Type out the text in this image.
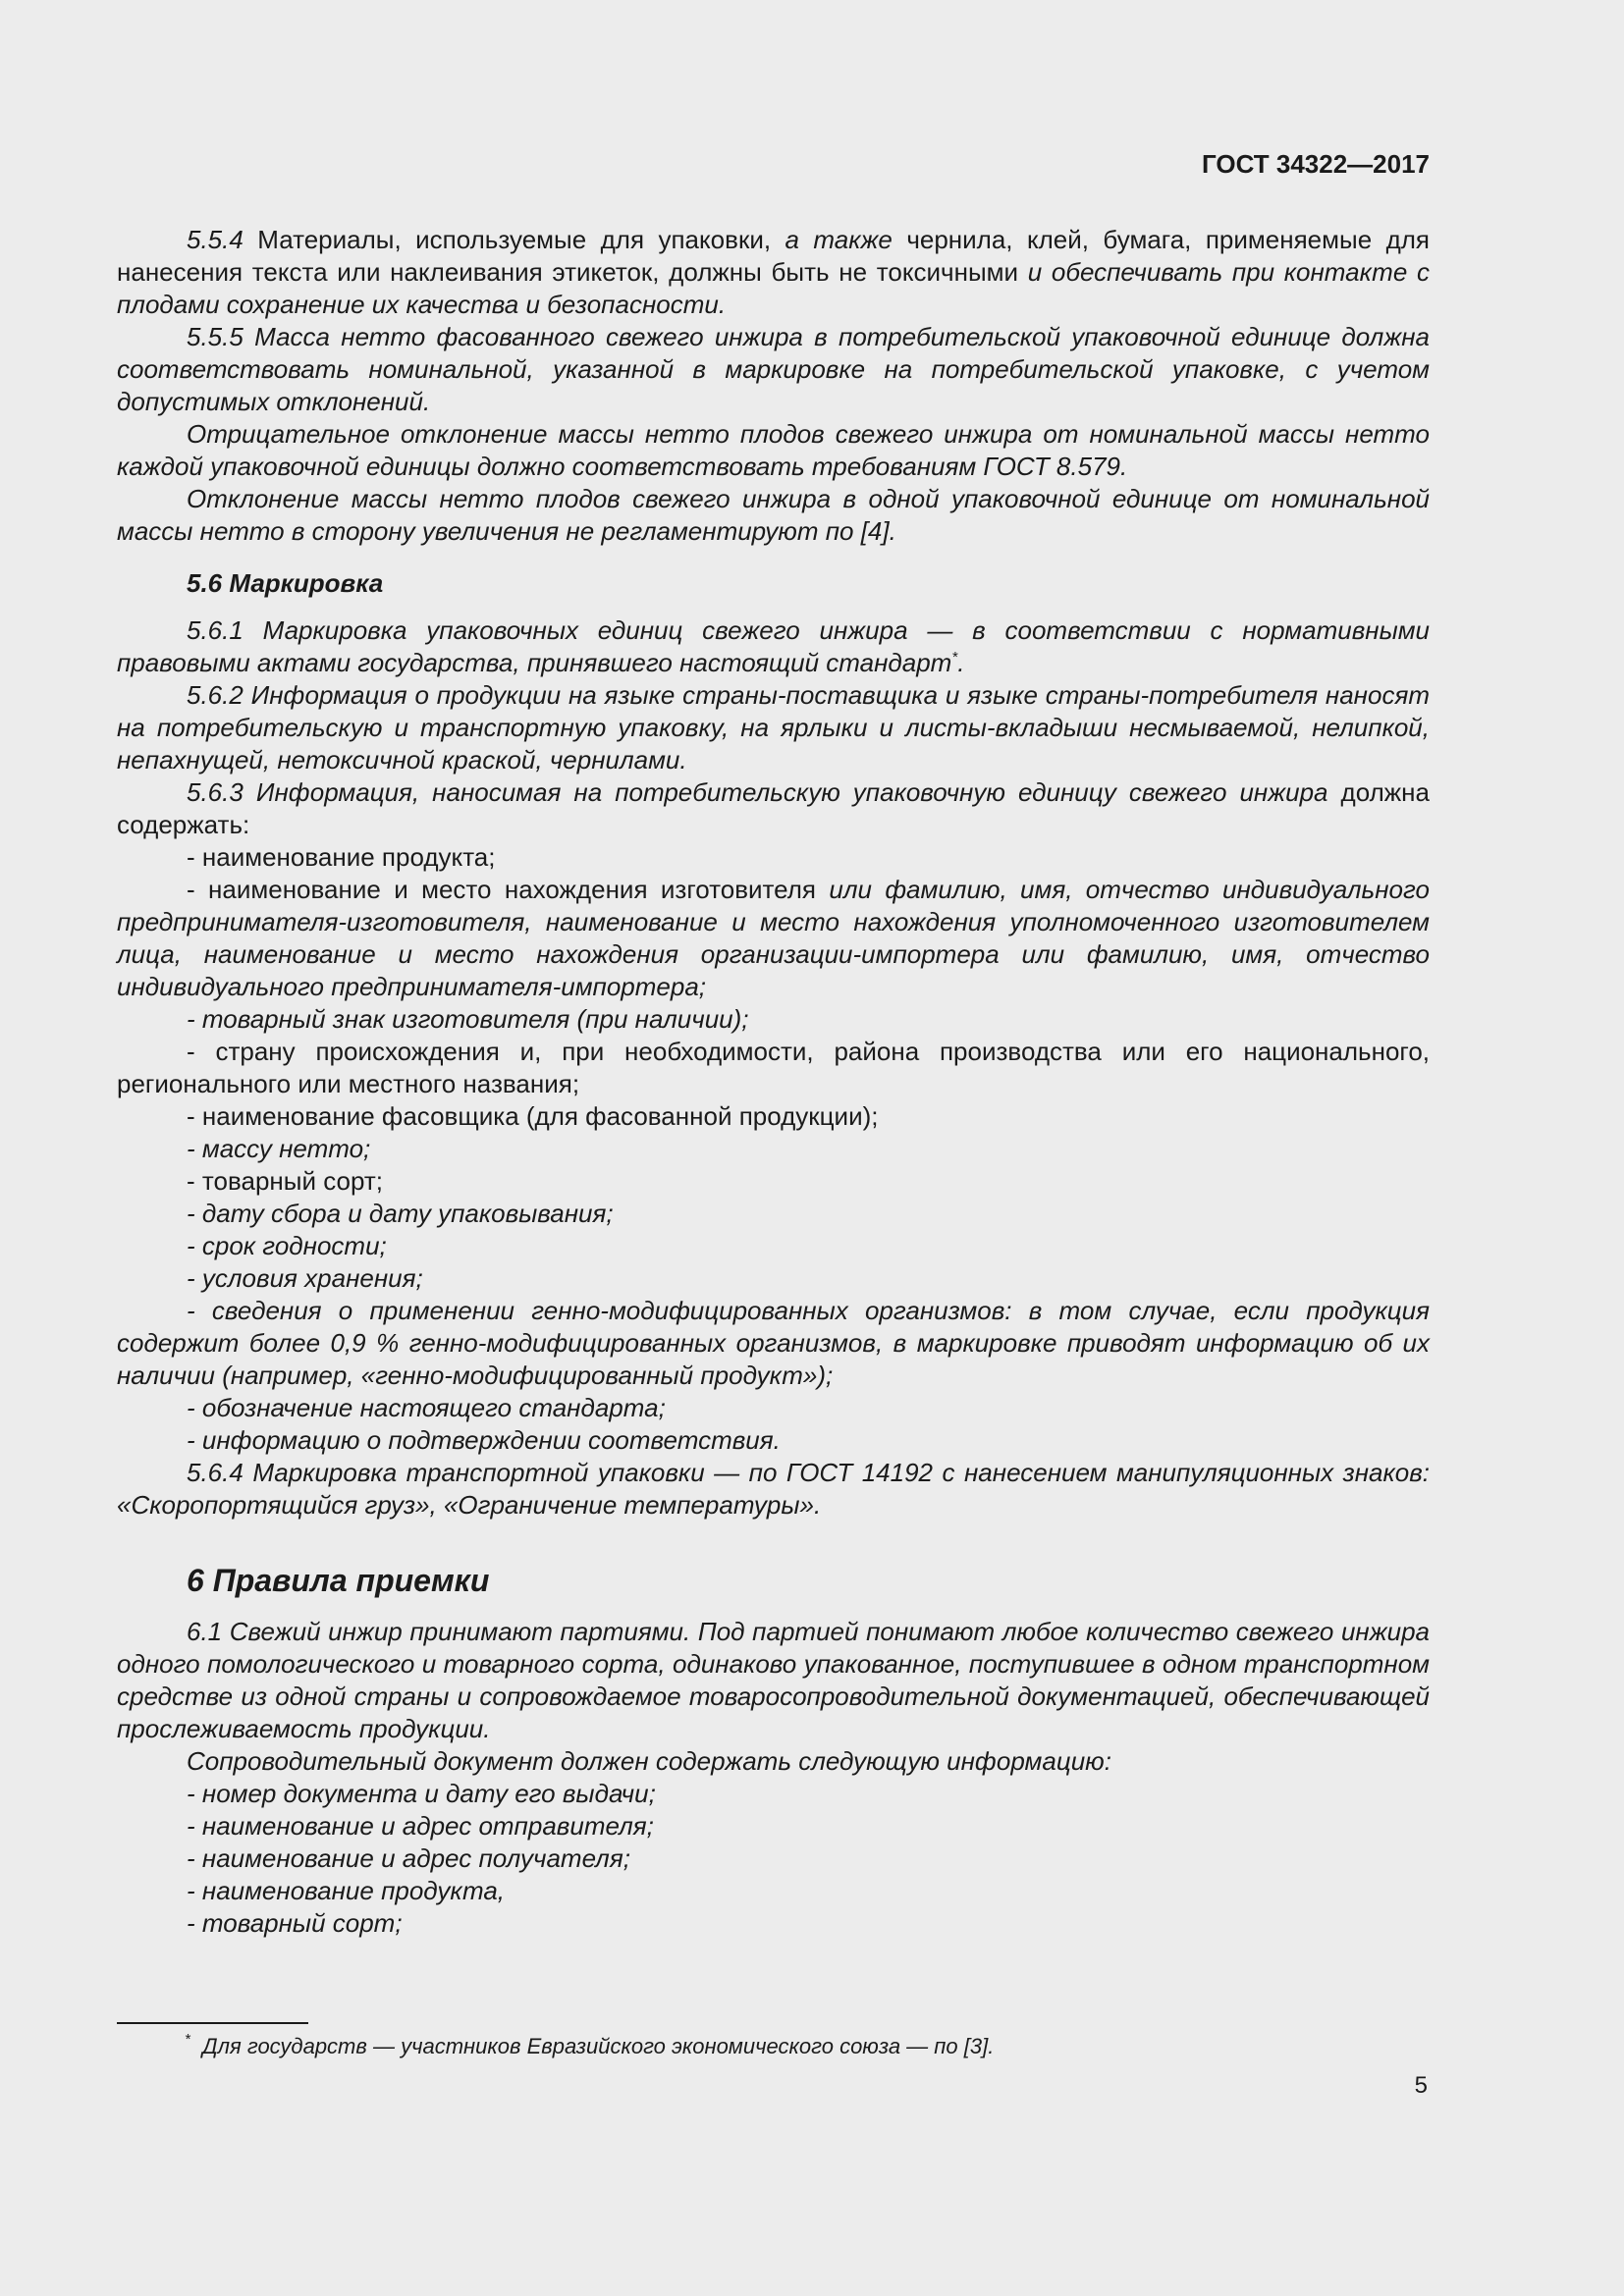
ГОСТ 34322—2017

5.5.4 Материалы, используемые для упаковки, а также чернила, клей, бумага, применяемые для нанесения текста или наклеивания этикеток, должны быть не токсичными и обеспечивать при контакте с плодами сохранение их качества и безопасности.

5.5.5 Масса нетто фасованного свежего инжира в потребительской упаковочной единице должна соответствовать номинальной, указанной в маркировке на потребительской упаковке, с учетом допустимых отклонений.

Отрицательное отклонение массы нетто плодов свежего инжира от номинальной массы нетто каждой упаковочной единицы должно соответствовать требованиям ГОСТ 8.579.

Отклонение массы нетто плодов свежего инжира в одной упаковочной единице от номинальной массы нетто в сторону увеличения не регламентируют по [4].

5.6 Маркировка

5.6.1 Маркировка упаковочных единиц свежего инжира — в соответствии с нормативными правовыми актами государства, принявшего настоящий стандарт*.

5.6.2 Информация о продукции на языке страны-поставщика и языке страны-потребителя наносят на потребительскую и транспортную упаковку, на ярлыки и листы-вкладыши несмываемой, нелипкой, непахнущей, нетоксичной краской, чернилами.

5.6.3 Информация, наносимая на потребительскую упаковочную единицу свежего инжира должна содержать:

- наименование продукта;

- наименование и место нахождения изготовителя или фамилию, имя, отчество индивидуального предпринимателя-изготовителя, наименование и место нахождения уполномоченного изготовителем лица, наименование и место нахождения организации-импортера или фамилию, имя, отчество индивидуального предпринимателя-импортера;

- товарный знак изготовителя (при наличии);

- страну происхождения и, при необходимости, района производства или его национального, регионального или местного названия;

- наименование фасовщика (для фасованной продукции);

- массу нетто;

- товарный сорт;

- дату сбора и дату упаковывания;

- срок годности;

- условия хранения;

- сведения о применении генно-модифицированных организмов: в том случае, если продукция содержит более 0,9 % генно-модифицированных организмов, в маркировке приводят информацию об их наличии (например, «генно-модифицированный продукт»);

- обозначение настоящего стандарта;

- информацию о подтверждении соответствия.

5.6.4 Маркировка транспортной упаковки — по ГОСТ 14192 с нанесением манипуляционных знаков: «Скоропортящийся груз», «Ограничение температуры».

6 Правила приемки

6.1 Свежий инжир принимают партиями. Под партией понимают любое количество свежего инжира одного помологического и товарного сорта, одинаково упакованное, поступившее в одном транспортном средстве из одной страны и сопровождаемое товаросопроводительной документацией, обеспечивающей прослеживаемость продукции.

Сопроводительный документ должен содержать следующую информацию:

- номер документа и дату его выдачи;

- наименование и адрес отправителя;

- наименование и адрес получателя;

- наименование продукта,

- товарный сорт;

* Для государств — участников Евразийского экономического союза — по [3].
5
